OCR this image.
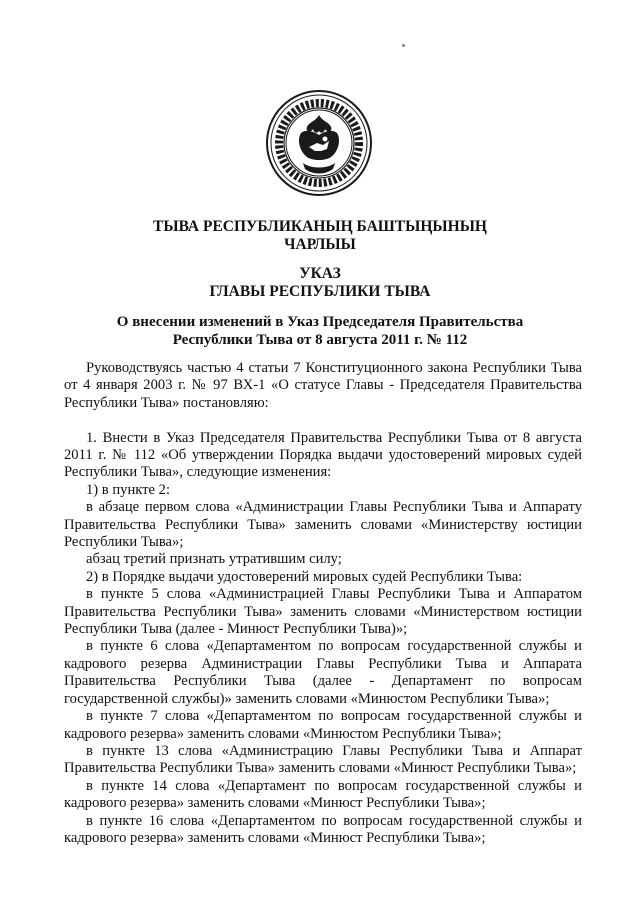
ТЫВА РЕСПУБЛИКАНЫҢ БАШТЫҢЫНЫҢ
ЧАРЛЫЫ

УКАЗ
ГЛАВЫ РЕСПУБЛИКИ ТЫВА

О внесении изменений в Указ Председателя Правительства
Республики Тыва от 8 августа 2011 г. № 112

Руководствуясь частью 4 статьи 7 Конституционного закона Республики Тыва от 4 января 2003 г. № 97 ВХ-1 «О статусе Главы - Председателя Правительства Республики Тыва» постановляю:

1. Внести в Указ Председателя Правительства Республики Тыва от 8 августа 2011 г. № 112 «Об утверждении Порядка выдачи удостоверений мировых судей Республики Тыва», следующие изменения:

1) в пункте 2:

в абзаце первом слова «Администрации Главы Республики Тыва и Аппарату Правительства Республики Тыва» заменить словами «Министерству юстиции Республики Тыва»;

абзац третий признать утратившим силу;

2) в Порядке выдачи удостоверений мировых судей Республики Тыва:

в пункте 5 слова «Администрацией Главы Республики Тыва и Аппаратом Правительства Республики Тыва» заменить словами «Министерством юстиции Республики Тыва (далее - Минюст Республики Тыва)»;

в пункте 6 слова «Департаментом по вопросам государственной службы и кадрового резерва Администрации Главы Республики Тыва и Аппарата Правительства Республики Тыва (далее - Департамент по вопросам государственной службы)» заменить словами «Минюстом Республики Тыва»;

в пункте 7 слова «Департаментом по вопросам государственной службы и кадрового резерва» заменить словами «Минюстом Республики Тыва»;

в пункте 13 слова «Администрацию Главы Республики Тыва и Аппарат Правительства Республики Тыва» заменить словами «Минюст Республики Тыва»;

в пункте 14 слова «Департамент по вопросам государственной службы и кадрового резерва» заменить словами «Минюст Республики Тыва»;

в пункте 16 слова «Департаментом по вопросам государственной службы и кадрового резерва» заменить словами «Минюст Республики Тыва»;
